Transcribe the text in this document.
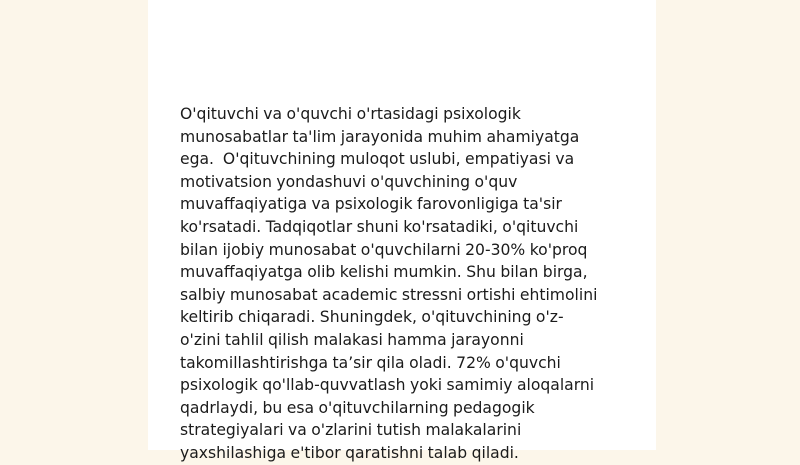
O'qituvchi va o'quvchi o'rtasidagi psixologik
munosabatlar ta'lim jarayonida muhim ahamiyatga
ega.  O'qituvchining muloqot uslubi, empatiyasi va
motivatsion yondashuvi o'quvchining o'quv
muvaffaqiyatiga va psixologik farovonligiga ta'sir
ko'rsatadi. Tadqiqotlar shuni ko'rsatadiki, o'qituvchi
bilan ijobiy munosabat o'quvchilarni 20-30% ko'proq
muvaffaqiyatga olib kelishi mumkin. Shu bilan birga,
salbiy munosabat academic stressni ortishi ehtimolini
keltirib chiqaradi. Shuningdek, o'qituvchining o'z-
o'zini tahlil qilish malakasi hamma jarayonni
takomillashtirishga ta’sir qila oladi. 72% o'quvchi
psixologik qo'llab-quvvatlash yoki samimiy aloqalarni
qadrlaydi, bu esa o'qituvchilarning pedagogik
strategiyalari va o'zlarini tutish malakalarini
yaxshilashiga e'tibor qaratishni talab qiladi.
